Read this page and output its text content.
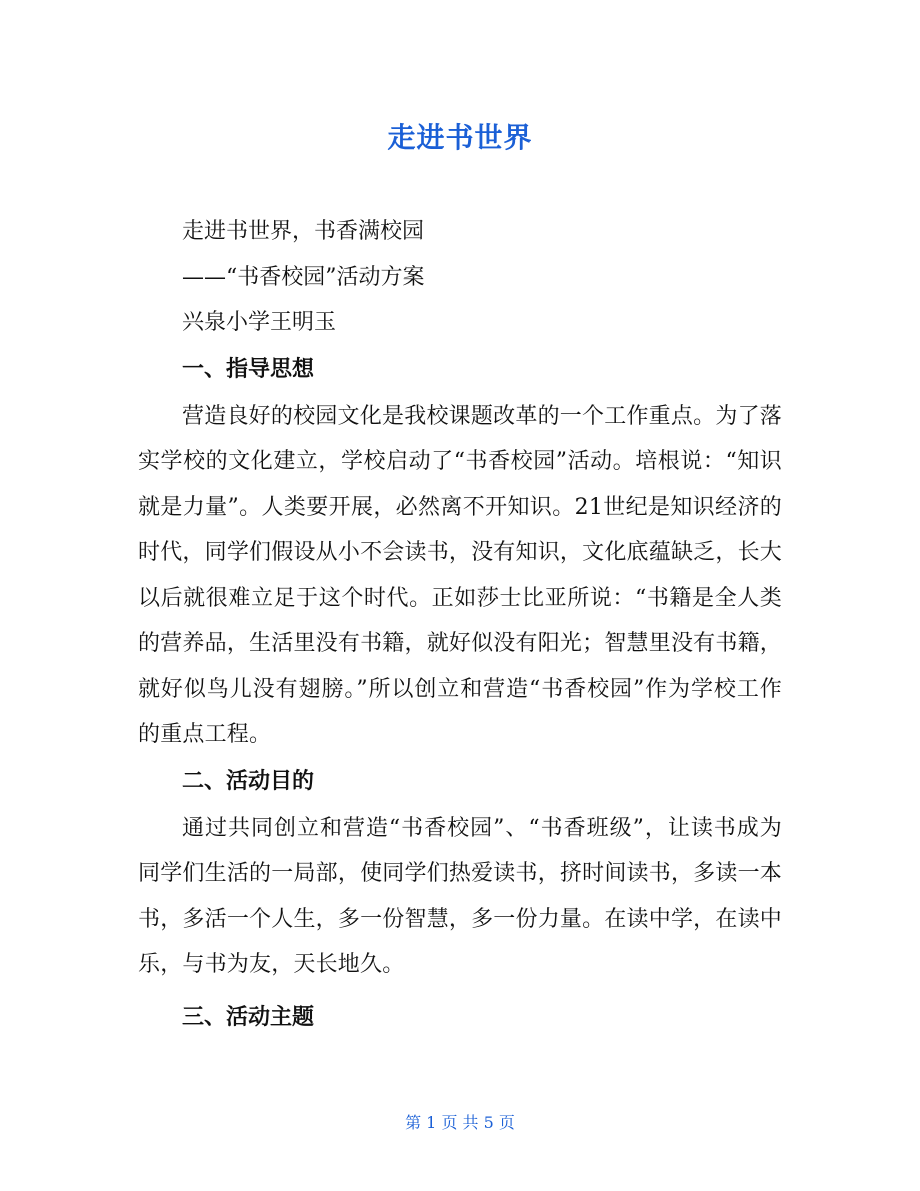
走进书世界

走进书世界，书香满校园

——“书香校园”活动方案

兴泉小学王明玉

一、指导思想

营造良好的校园文化是我校课题改革的一个工作重点。为了落实学校的文化建立，学校启动了“书香校园”活动。培根说：“知识就是力量”。人类要开展，必然离不开知识。21世纪是知识经济的时代，同学们假设从小不会读书，没有知识，文化底蕴缺乏，长大以后就很难立足于这个时代。正如莎士比亚所说：“书籍是全人类的营养品，生活里没有书籍，就好似没有阳光；智慧里没有书籍，就好似鸟儿没有翅膀。”所以创立和营造“书香校园”作为学校工作的重点工程。

二、活动目的

通过共同创立和营造“书香校园”、“书香班级”，让读书成为同学们生活的一局部，使同学们热爱读书，挤时间读书，多读一本书，多活一个人生，多一份智慧，多一份力量。在读中学，在读中乐，与书为友，天长地久。

三、活动主题

第 1 页 共 5 页
